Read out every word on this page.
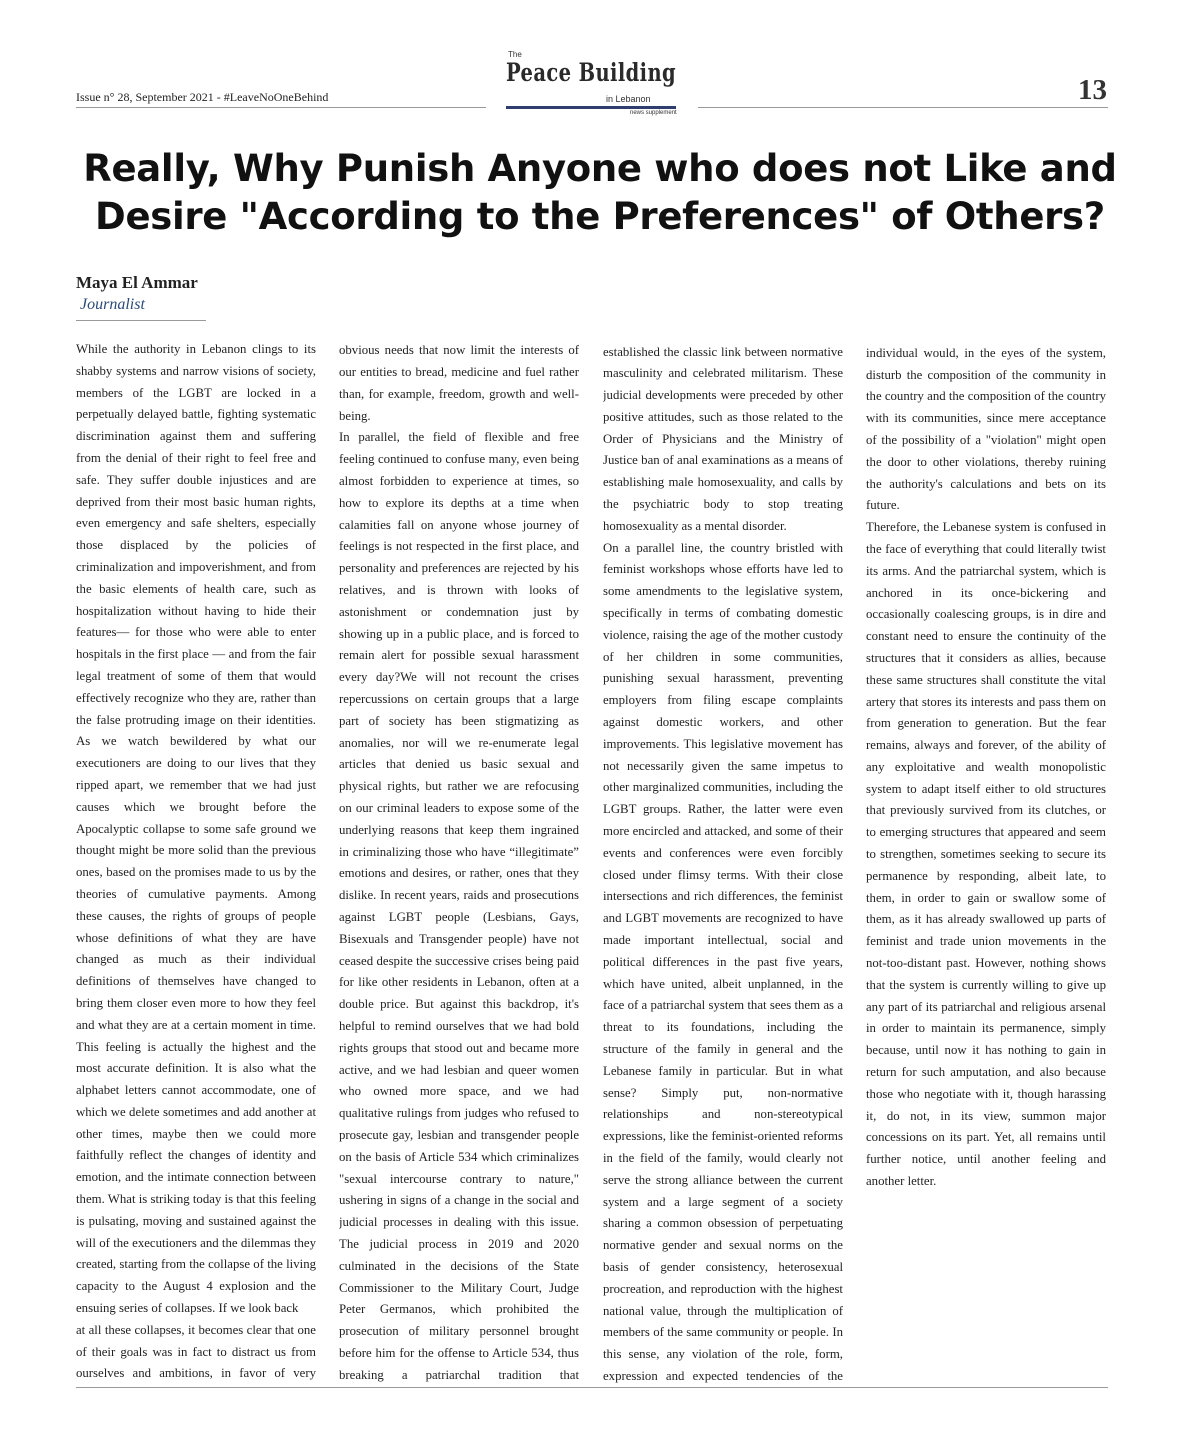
Issue n° 28, September 2021 - #LeaveNoOneBehind
The
Peace Building
in Lebanon
news supplement
13
Really, Why Punish Anyone who does not Like and
Desire "According to the Preferences" of Others?
Maya El Ammar
Journalist

While the authority in Lebanon clings to its shabby systems and narrow visions of society, members of the LGBT are locked in a perpetually delayed battle, fighting systematic discrimination against them and suffering from the denial of their right to feel free and safe. They suffer double injustices and are deprived from their most basic human rights, even emergency and safe shelters, especially those displaced by the policies of criminalization and impoverishment, and from the basic elements of health care, such as hospitalization without having to hide their features— for those who were able to enter hospitals in the first place — and from the fair legal treatment of some of them that would effectively recognize who they are, rather than the false protruding image on their identities. As we watch bewildered by what our executioners are doing to our lives that they ripped apart, we remember that we had just causes which we brought before the Apocalyptic collapse to some safe ground we thought might be more solid than the previous ones, based on the promises made to us by the theories of cumulative payments. Among these causes, the rights of groups of people whose definitions of what they are have changed as much as their individual definitions of themselves have changed to bring them closer even more to how they feel and what they are at a certain moment in time. This feeling is actually the highest and the most accurate definition. It is also what the alphabet letters cannot accommodate, one of which we delete sometimes and add another at other times, maybe then we could more faithfully reflect the changes of identity and emotion, and the intimate connection between them. What is striking today is that this feeling is pulsating, moving and sustained against the will of the executioners and the dilemmas they created, starting from the collapse of the living capacity to the August 4 explosion and the ensuing series of collapses. If we look back

at all these collapses, it becomes clear that one of their goals was in fact to distract us from ourselves and ambitions, in favor of very

obvious needs that now limit the interests of our entities to bread, medicine and fuel rather than, for example, freedom, growth and well-being.

In parallel, the field of flexible and free feeling continued to confuse many, even being almost forbidden to experience at times, so how to explore its depths at a time when calamities fall on anyone whose journey of feelings is not respected in the first place, and personality and preferences are rejected by his relatives, and is thrown with looks of astonishment or condemnation just by showing up in a public place, and is forced to remain alert for possible sexual harassment every day?We will not recount the crises repercussions on certain groups that a large part of society has been stigmatizing as anomalies, nor will we re-enumerate legal articles that denied us basic sexual and physical rights, but rather we are refocusing on our criminal leaders to expose some of the underlying reasons that keep them ingrained in criminalizing those who have “illegitimate” emotions and desires, or rather, ones that they dislike. In recent years, raids and prosecutions against LGBT people (Lesbians, Gays, Bisexuals and Transgender people) have not ceased despite the successive crises being paid for like other residents in Lebanon, often at a double price. But against this backdrop, it's helpful to remind ourselves that we had bold rights groups that stood out and became more active, and we had lesbian and queer women who owned more space, and we had qualitative rulings from judges who refused to prosecute gay, lesbian and transgender people on the basis of Article 534 which criminalizes "sexual intercourse contrary to nature," ushering in signs of a change in the social and judicial processes in dealing with this issue. The judicial process in 2019 and 2020 culminated in the decisions of the State Commissioner to the Military Court, Judge Peter Germanos, which prohibited the prosecution of military personnel brought before him for the offense to Article 534, thus breaking a patriarchal tradition that

established the classic link between normative masculinity and celebrated militarism. These judicial developments were preceded by other positive attitudes, such as those related to the Order of Physicians and the Ministry of Justice ban of anal examinations as a means of establishing male homosexuality, and calls by the psychiatric body to stop treating homosexuality as a mental disorder.

On a parallel line, the country bristled with feminist workshops whose efforts have led to some amendments to the legislative system, specifically in terms of combating domestic violence, raising the age of the mother custody of her children in some communities, punishing sexual harassment, preventing employers from filing escape complaints against domestic workers, and other improvements. This legislative movement has not necessarily given the same impetus to other marginalized communities, including the LGBT groups. Rather, the latter were even more encircled and attacked, and some of their events and conferences were even forcibly closed under flimsy terms. With their close intersections and rich differences, the feminist and LGBT movements are recognized to have made important intellectual, social and political differences in the past five years, which have united, albeit unplanned, in the face of a patriarchal system that sees them as a threat to its foundations, including the structure of the family in general and the Lebanese family in particular. But in what sense? Simply put, non-normative relationships and non-stereotypical expressions, like the feminist-oriented reforms in the field of the family, would clearly not serve the strong alliance between the current system and a large segment of a society sharing a common obsession of perpetuating normative gender and sexual norms on the basis of gender consistency, heterosexual procreation, and reproduction with the highest national value, through the multiplication of members of the same community or people. In this sense, any violation of the role, form, expression and expected tendencies of the

individual would, in the eyes of the system, disturb the composition of the community in the country and the composition of the country with its communities, since mere acceptance of the possibility of a "violation" might open the door to other violations, thereby ruining the authority's calculations and bets on its future.

Therefore, the Lebanese system is confused in the face of everything that could literally twist its arms. And the patriarchal system, which is anchored in its once-bickering and occasionally coalescing groups, is in dire and constant need to ensure the continuity of the structures that it considers as allies, because these same structures shall constitute the vital artery that stores its interests and pass them on from generation to generation. But the fear remains, always and forever, of the ability of any exploitative and wealth monopolistic system to adapt itself either to old structures that previously survived from its clutches, or to emerging structures that appeared and seem to strengthen, sometimes seeking to secure its permanence by responding, albeit late, to them, in order to gain or swallow some of them, as it has already swallowed up parts of feminist and trade union movements in the not-too-distant past. However, nothing shows that the system is currently willing to give up any part of its patriarchal and religious arsenal in order to maintain its permanence, simply because, until now it has nothing to gain in return for such amputation, and also because those who negotiate with it, though harassing it, do not, in its view, summon major concessions on its part. Yet, all remains until further notice, until another feeling and another letter.
